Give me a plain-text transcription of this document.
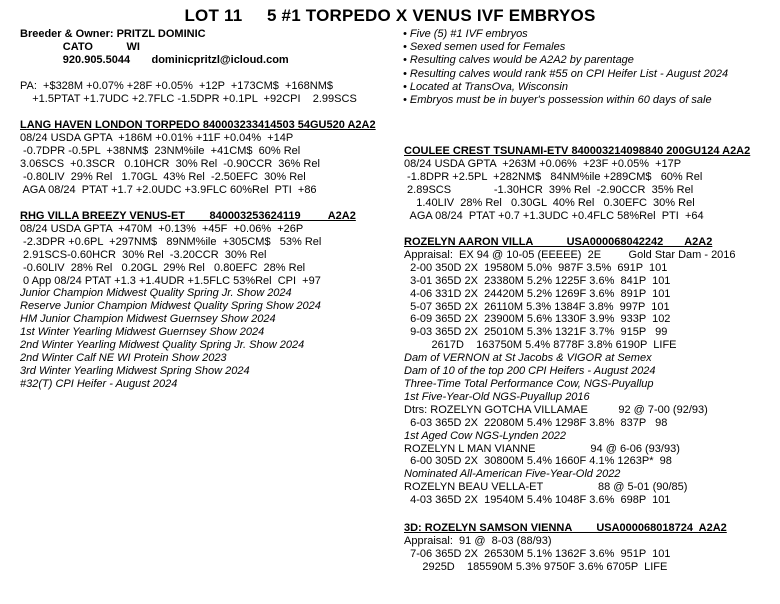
LOT 11 5 #1 TORPEDO X VENUS IVF EMBRYOS
Breeder & Owner: PRITZL DOMINIC
CATO           WI
920.905.5044       dominicpritzl@icloud.com
• Five (5) #1 IVF embryos
• Sexed semen used for Females
• Resulting calves would be A2A2 by parentage
• Resulting calves would rank #55 on CPI Heifer List - August 2024
• Located at TransOva, Wisconsin
• Embryos must be in buyer's possession within 60 days of sale
PA:  +$328M +0.07% +28F +0.05%  +12P  +173CM$  +168NM$
+1.5PTAT +1.7UDC +2.7FLC -1.5DPR +0.1PL  +92CPI    2.99SCS
LANG HAVEN LONDON TORPEDO 840003233414503 54GU520 A2A2
08/24 USDA GPTA  +186M +0.01% +11F +0.04%  +14P
-0.7DPR -0.5PL  +38NM$  23NM%ile  +41CM$  60% Rel
3.06SCS  +0.3SCR   0.10HCR  30% Rel  -0.90CCR  36% Rel
-0.80LIV  29% Rel   1.70GL  43% Rel  -2.50EFC  30% Rel
AGA 08/24  PTAT +1.7 +2.0UDC +3.9FLC 60%Rel  PTI  +86
RHG VILLA BREEZY VENUS-ET        840003253624119         A2A2
08/24 USDA GPTA  +470M  +0.13%  +45F  +0.06%  +26P
-2.3DPR +0.6PL  +297NM$   89NM%ile  +305CM$   53% Rel
2.91SCS-0.60HCR  30% Rel  -3.20CCR  30% Rel
-0.60LIV  28% Rel   0.20GL  29% Rel   0.80EFC  28% Rel
0 App 08/24 PTAT +1.3 +1.4UDR +1.5FLC 53%Rel  CPI  +97
Junior Champion Midwest Quality Spring Jr. Show 2024
Reserve Junior Champion Midwest Quality Spring Show 2024
HM Junior Champion Midwest Guernsey Show 2024
1st Winter Yearling Midwest Guernsey Show 2024
2nd Winter Yearling Midwest Quality Spring Jr. Show 2024
2nd Winter Calf NE WI Protein Show 2023
3rd Winter Yearling Midwest Spring Show 2024
#32(T) CPI Heifer - August 2024
COULEE CREST TSUNAMI-ETV 840003214098840 200GU124 A2A2
08/24 USDA GPTA  +263M +0.06%  +23F +0.05%  +17P
-1.8DPR +2.5PL  +282NM$   84NM%ile +289CM$   60% Rel
2.89SCS              -1.30HCR  39% Rel  -2.90CCR  35% Rel
1.40LIV  28% Rel   0.30GL  40% Rel   0.30EFC  30% Rel
AGA 08/24  PTAT +0.7 +1.3UDC +0.4FLC 58%Rel  PTI  +64
ROZELYN AARON VILLA           USA000068042242       A2A2
Appraisal:  EX 94 @ 10-05 (EEEEE)  2E         Gold Star Dam - 2016
2-00 350D 2X  19580M 5.0%  987F 3.5%  691P  101
3-01 365D 2X  23380M 5.2% 1225F 3.6%  841P  101
4-06 331D 2X  24420M 5.2% 1269F 3.6%  891P  101
5-07 365D 2X  26110M 5.3% 1384F 3.8%  997P  101
6-09 365D 2X  23900M 5.6% 1330F 3.9%  933P  102
9-03 365D 2X  25010M 5.3% 1321F 3.7%  915P   99
2617D    163750M 5.4% 8778F 3.8% 6190P  LIFE
Dam of VERNON at St Jacobs & VIGOR at Semex
Dam of 10 of the top 200 CPI Heifers - August 2024
Three-Time Total Performance Cow, NGS-Puyallup
1st Five-Year-Old NGS-Puyallup 2016
Dtrs: ROZELYN GOTCHA VILLAMAE          92 @ 7-00 (92/93)
6-03 365D 2X  22080M 5.4% 1298F 3.8%  837P   98
1st Aged Cow NGS-Lynden 2022
ROZELYN L MAN VIANNE                  94 @ 6-06 (93/93)
6-00 305D 2X  30800M 5.4% 1660F 4.1% 1263P*  98
Nominated All-American Five-Year-Old 2022
ROZELYN BEAU VELLA-ET                  88 @ 5-01 (90/85)
4-03 365D 2X  19540M 5.4% 1048F 3.6%  698P  101
3D: ROZELYN SAMSON VIENNA        USA000068018724  A2A2
Appraisal:  91 @  8-03 (88/93)
7-06 365D 2X  26530M 5.1% 1362F 3.6%  951P  101
2925D    185590M 5.3% 9750F 3.6% 6705P  LIFE
